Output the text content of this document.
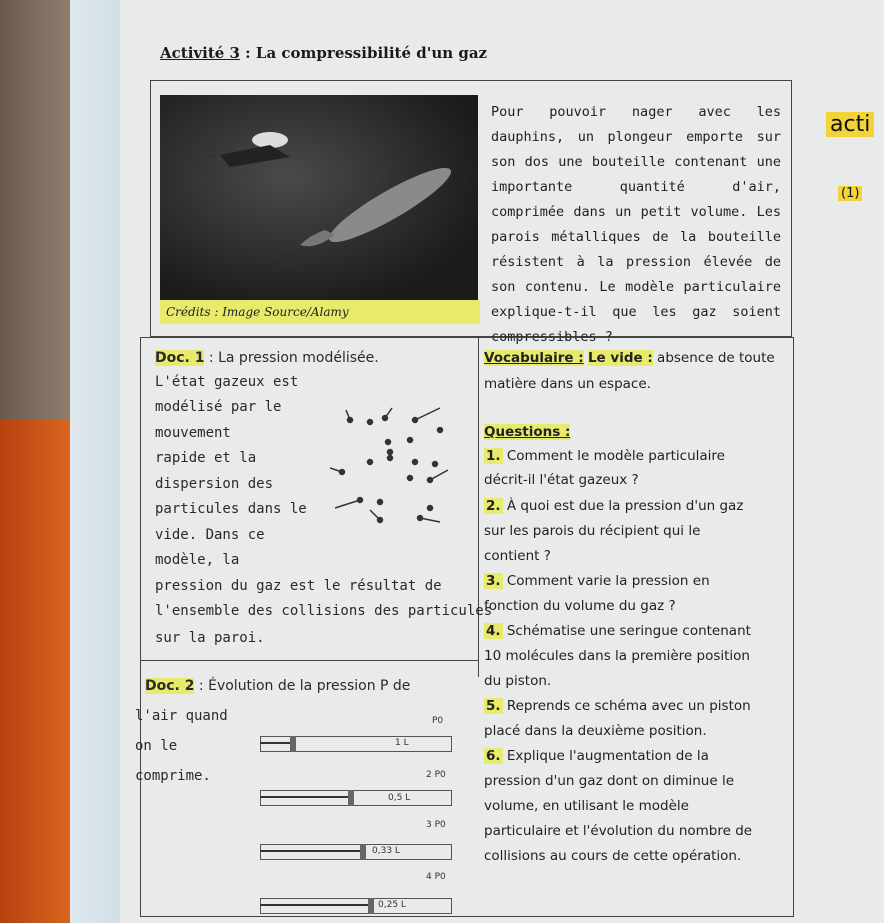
Activité 3 : La compressibilité d'un gaz
Crédits : Image Source/Alamy
Pour pouvoir nager avec les dauphins, un plongeur emporte sur son dos une bouteille contenant une importante quantité d'air, comprimée dans un petit volume. Les parois métalliques de la bouteille résistent à la pression élevée de son contenu. Le modèle particulaire explique-t-il que les gaz soient compressibles ?
acti
(1)
Doc. 1 : La pression modélisée.
L'état gazeux est
modélisé par le
mouvement
rapide et la
dispersion des
particules dans le
vide. Dans ce
modèle, la
pression du gaz est le résultat de
l'ensemble des collisions des particules
sur la paroi.
Doc. 2 : Évolution de la pression P de
l'air quand
on le
comprime.
1 L
P0
0,5 L
2 P0
0,33 L
3 P0
0,25 L
4 P0
Vocabulaire : Le vide : absence de toute
matière dans un espace.
Questions :
1. Comment le modèle particulaire
décrit-il l'état gazeux ?
2. À quoi est due la pression d'un gaz
sur les parois du récipient qui le
contient ?
3. Comment varie la pression en
fonction du volume du gaz ?
4. Schématise une seringue contenant
10 molécules dans la première position
du piston.
5. Reprends ce schéma avec un piston
placé dans la deuxième position.
6. Explique l'augmentation de la
pression d'un gaz dont on diminue le
volume, en utilisant le modèle
particulaire et l'évolution du nombre de
collisions au cours de cette opération.
